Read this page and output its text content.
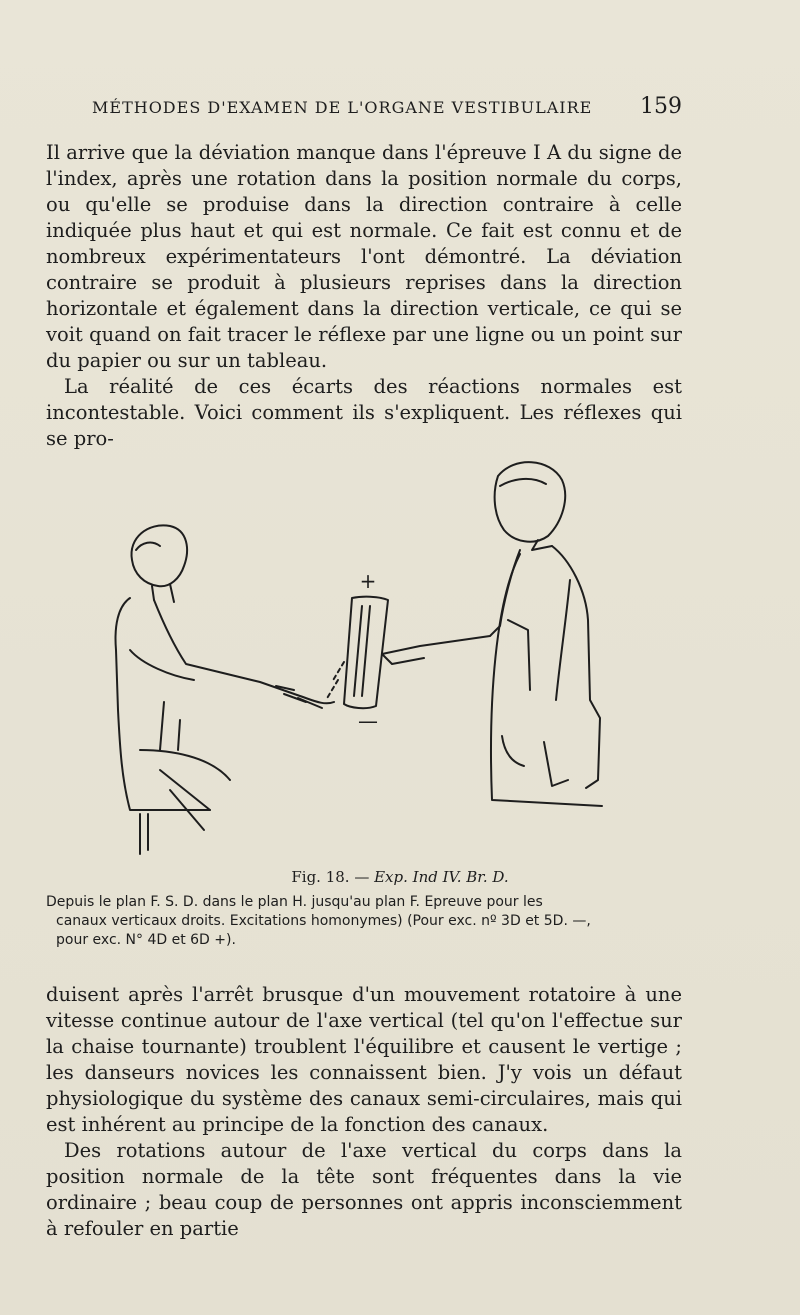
MÉTHODES D'EXAMEN DE L'ORGANE VESTIBULAIRE 159

Il arrive que la déviation manque dans l'épreuve I A du signe de l'index, après une rotation dans la position normale du corps, ou qu'elle se produise dans la direction contraire à celle indiquée plus haut et qui est normale. Ce fait est connu et de nombreux expérimentateurs l'ont démontré. La déviation contraire se produit à plusieurs reprises dans la direction horizontale et également dans la direction verticale, ce qui se voit quand on fait tracer le réflexe par une ligne ou un point sur du papier ou sur un tableau.

La réalité de ces écarts des réactions normales est incontestable. Voici comment ils s'expliquent. Les réflexes qui se pro-

+
—
Fig. 18. — Exp. Ind IV. Br. D.
Depuis le plan F. S. D. dans le plan H. jusqu'au plan F. Epreuve pour les
canaux verticaux droits. Excitations homonymes) (Pour exc. nº 3D et 5D. —,
pour exc. N° 4D et 6D +).

duisent après l'arrêt brusque d'un mouvement rotatoire à une vitesse continue autour de l'axe vertical (tel qu'on l'effectue sur la chaise tournante) troublent l'équilibre et causent le vertige ; les danseurs novices les connaissent bien. J'y vois un défaut physiologique du système des canaux semi-circulaires, mais qui est inhérent au principe de la fonction des canaux.

Des rotations autour de l'axe vertical du corps dans la position normale de la tête sont fréquentes dans la vie ordinaire ; beau coup de personnes ont appris inconsciemment à refouler en partie
